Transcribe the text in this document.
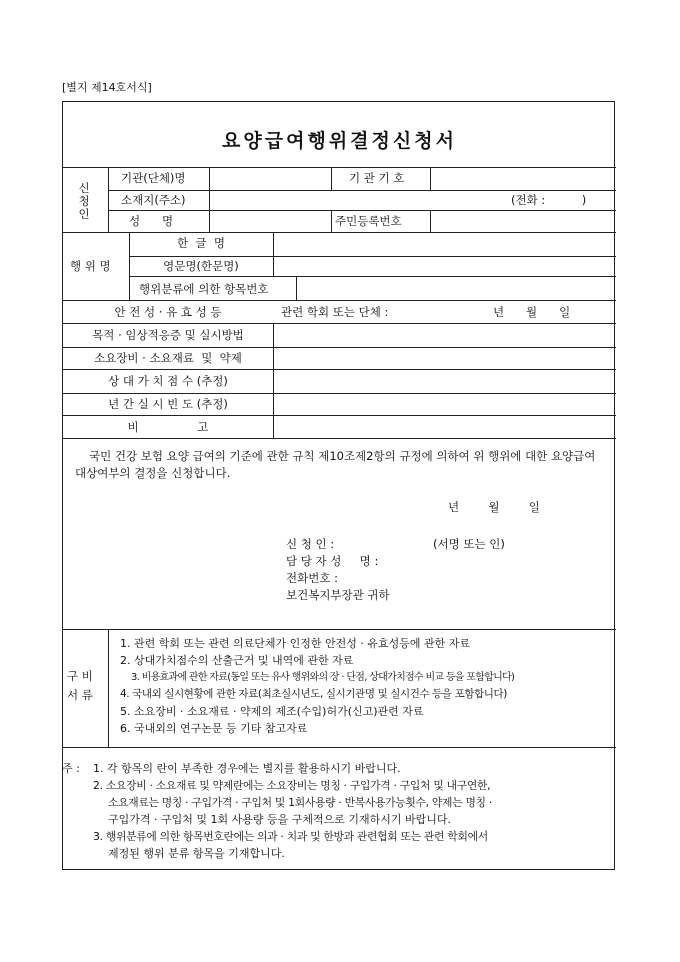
[별지 제14호서식]
요양급여행위결정신청서
신청인
기관(단체)명	기 관 기 호
소재지(주소)	(전화 :          )
성      명	주민등록번호
행 위 명
한  글  명
영문명(한문명)
행위분류에 의한 항목번호
안 전 성 · 유 효 성 등	관련 학회 또는 단체 :	년      월      일
목적 · 임상적응증 및 실시방법
소요장비 · 소요재료  및  약제
상 대 가 치 점 수 (추정)
년 간 실 시 빈 도 (추정)
비                고
국민 건강 보험 요양 급여의 기준에 관한 규칙 제10조제2항의 규정에 의하여 위 행위에 대한 요양급여대상여부의 결정을 신청합니다.
년        월        일
신 청 인 :	(서명 또는 인)
담 당 자 성     명 :
전화번호 :
보건복지부장관 귀하
구 비
서 류
1. 관련 학회 또는 관련 의료단체가 인정한 안전성 · 유효성등에 관한 자료
2. 상대가치점수의 산출근거 및 내역에 관한 자료
3. 비용효과에 관한 자료(동일 또는 유사 행위와의 장 · 단점, 상대가치점수 비교 등을 포함합니다)
4. 국내외 실시현황에 관한 자료(최초실시년도, 실시기관명 및 실시건수 등을 포함합니다)
5. 소요장비 · 소요재료 · 약제의 제조(수입)허가(신고)관련 자료
6. 국내외의 연구논문 등 기타 참고자료
주 : 1. 각 항목의 란이 부족한 경우에는 별지를 활용하시기 바랍니다.
2. 소요장비 · 소요재료 및 약제란에는 소요장비는 명칭 · 구입가격 · 구입처 및 내구연한,
소요재료는 명칭 · 구입가격 · 구입처 및 1회사용량 · 반복사용가능횟수, 약제는 명칭 ·
구입가격 · 구입처 및 1회 사용량 등을 구체적으로 기재하시기 바랍니다.
3. 행위분류에 의한 항목번호란에는 의과 · 치과 및 한방과 관련협회 또는 관련 학회에서
제정된 행위 분류 항목을 기재합니다.
